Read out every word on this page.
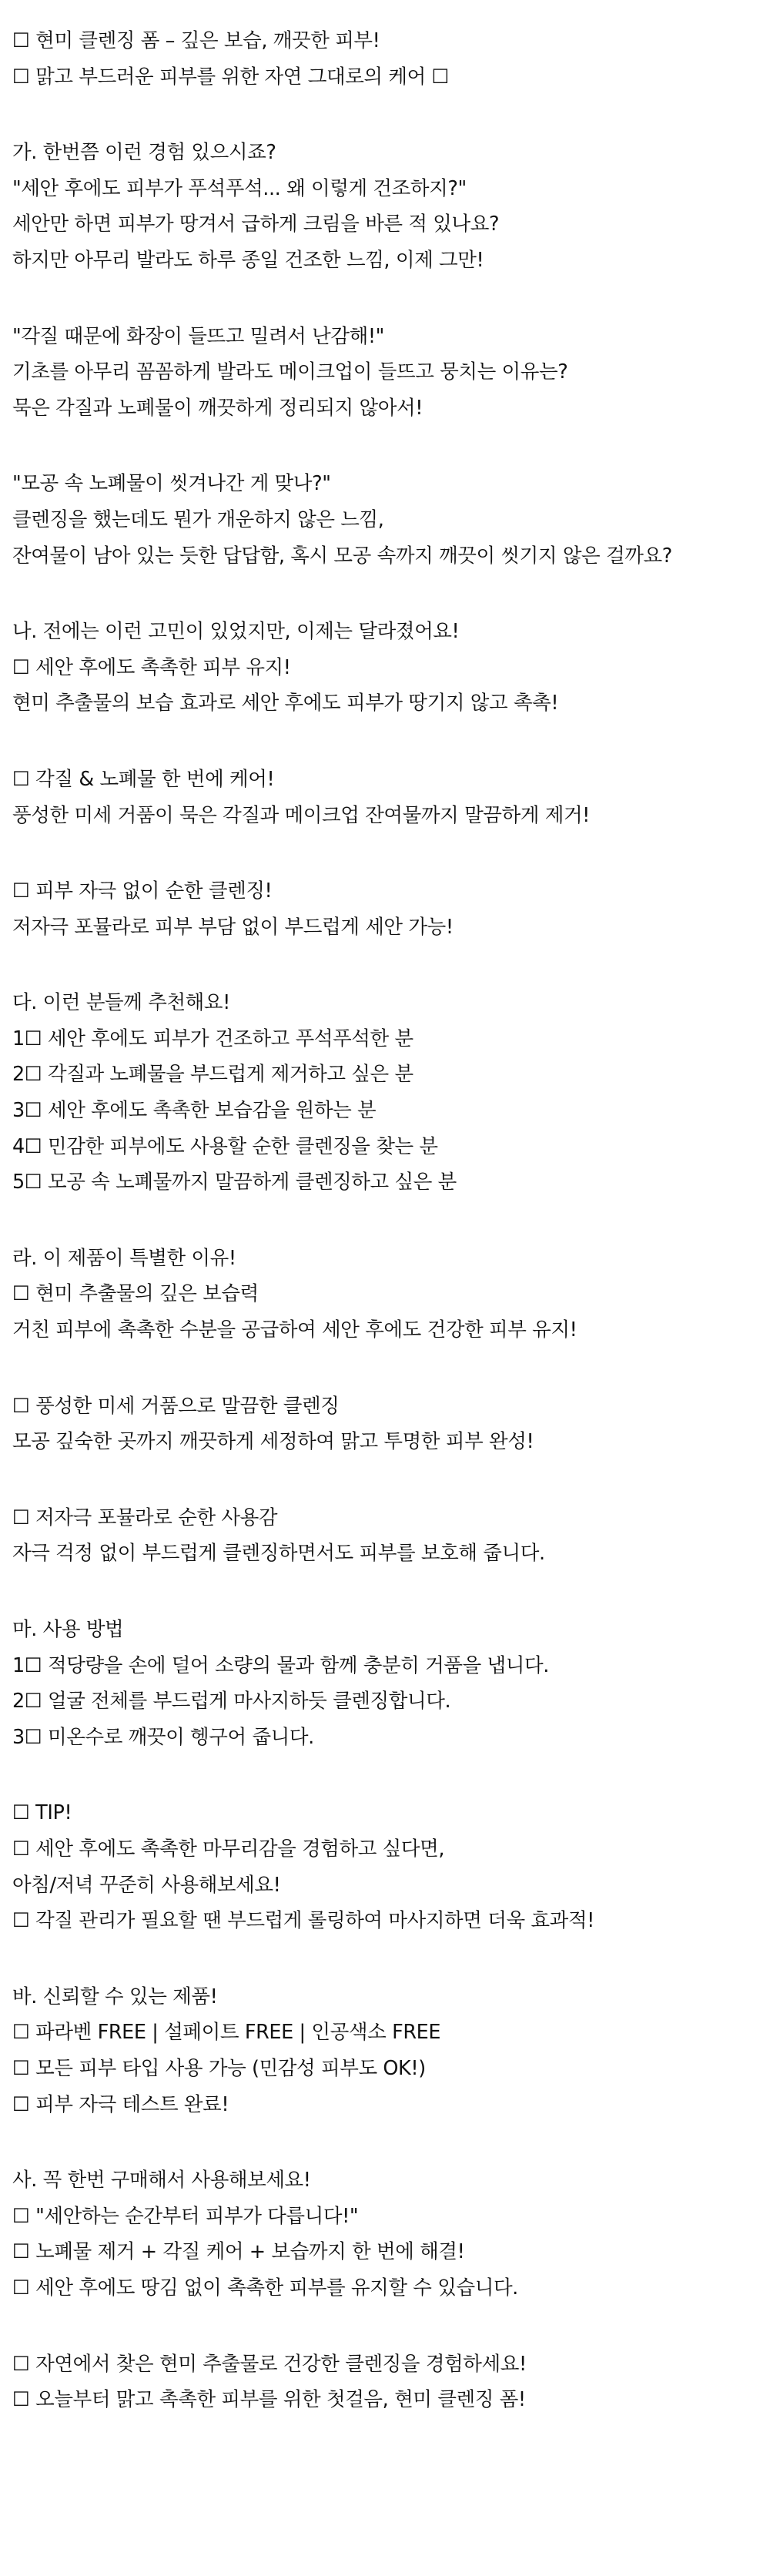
☐ 현미 클렌징 폼 – 깊은 보습, 깨끗한 피부!
☐ 맑고 부드러운 피부를 위한 자연 그대로의 케어 ☐
가. 한번쯤 이런 경험 있으시죠?
"세안 후에도 피부가 푸석푸석... 왜 이렇게 건조하지?"
세안만 하면 피부가 땅겨서 급하게 크림을 바른 적 있나요?
하지만 아무리 발라도 하루 종일 건조한 느낌, 이제 그만!
"각질 때문에 화장이 들뜨고 밀려서 난감해!"
기초를 아무리 꼼꼼하게 발라도 메이크업이 들뜨고 뭉치는 이유는?
묵은 각질과 노폐물이 깨끗하게 정리되지 않아서!
"모공 속 노폐물이 씻겨나간 게 맞나?"
클렌징을 했는데도 뭔가 개운하지 않은 느낌,
잔여물이 남아 있는 듯한 답답함, 혹시 모공 속까지 깨끗이 씻기지 않은 걸까요?
나. 전에는 이런 고민이 있었지만, 이제는 달라졌어요!
☐ 세안 후에도 촉촉한 피부 유지!
현미 추출물의 보습 효과로 세안 후에도 피부가 땅기지 않고 촉촉!
☐ 각질 & 노폐물 한 번에 케어!
풍성한 미세 거품이 묵은 각질과 메이크업 잔여물까지 말끔하게 제거!
☐ 피부 자극 없이 순한 클렌징!
저자극 포뮬라로 피부 부담 없이 부드럽게 세안 가능!
다. 이런 분들께 추천해요!
1☐ 세안 후에도 피부가 건조하고 푸석푸석한 분
2☐ 각질과 노폐물을 부드럽게 제거하고 싶은 분
3☐ 세안 후에도 촉촉한 보습감을 원하는 분
4☐ 민감한 피부에도 사용할 순한 클렌징을 찾는 분
5☐ 모공 속 노폐물까지 말끔하게 클렌징하고 싶은 분
라. 이 제품이 특별한 이유!
☐ 현미 추출물의 깊은 보습력
거친 피부에 촉촉한 수분을 공급하여 세안 후에도 건강한 피부 유지!
☐ 풍성한 미세 거품으로 말끔한 클렌징
모공 깊숙한 곳까지 깨끗하게 세정하여 맑고 투명한 피부 완성!
☐ 저자극 포뮬라로 순한 사용감
자극 걱정 없이 부드럽게 클렌징하면서도 피부를 보호해 줍니다.
마. 사용 방법
1☐ 적당량을 손에 덜어 소량의 물과 함께 충분히 거품을 냅니다.
2☐ 얼굴 전체를 부드럽게 마사지하듯 클렌징합니다.
3☐ 미온수로 깨끗이 헹구어 줍니다.
☐ TIP!
☐ 세안 후에도 촉촉한 마무리감을 경험하고 싶다면,
아침/저녁 꾸준히 사용해보세요!
☐ 각질 관리가 필요할 땐 부드럽게 롤링하여 마사지하면 더욱 효과적!
바. 신뢰할 수 있는 제품!
☐ 파라벤 FREE | 설페이트 FREE | 인공색소 FREE
☐ 모든 피부 타입 사용 가능 (민감성 피부도 OK!)
☐ 피부 자극 테스트 완료!
사. 꼭 한번 구매해서 사용해보세요!
☐ "세안하는 순간부터 피부가 다릅니다!"
☐ 노폐물 제거 + 각질 케어 + 보습까지 한 번에 해결!
☐ 세안 후에도 땅김 없이 촉촉한 피부를 유지할 수 있습니다.
☐ 자연에서 찾은 현미 추출물로 건강한 클렌징을 경험하세요!
☐ 오늘부터 맑고 촉촉한 피부를 위한 첫걸음, 현미 클렌징 폼!
